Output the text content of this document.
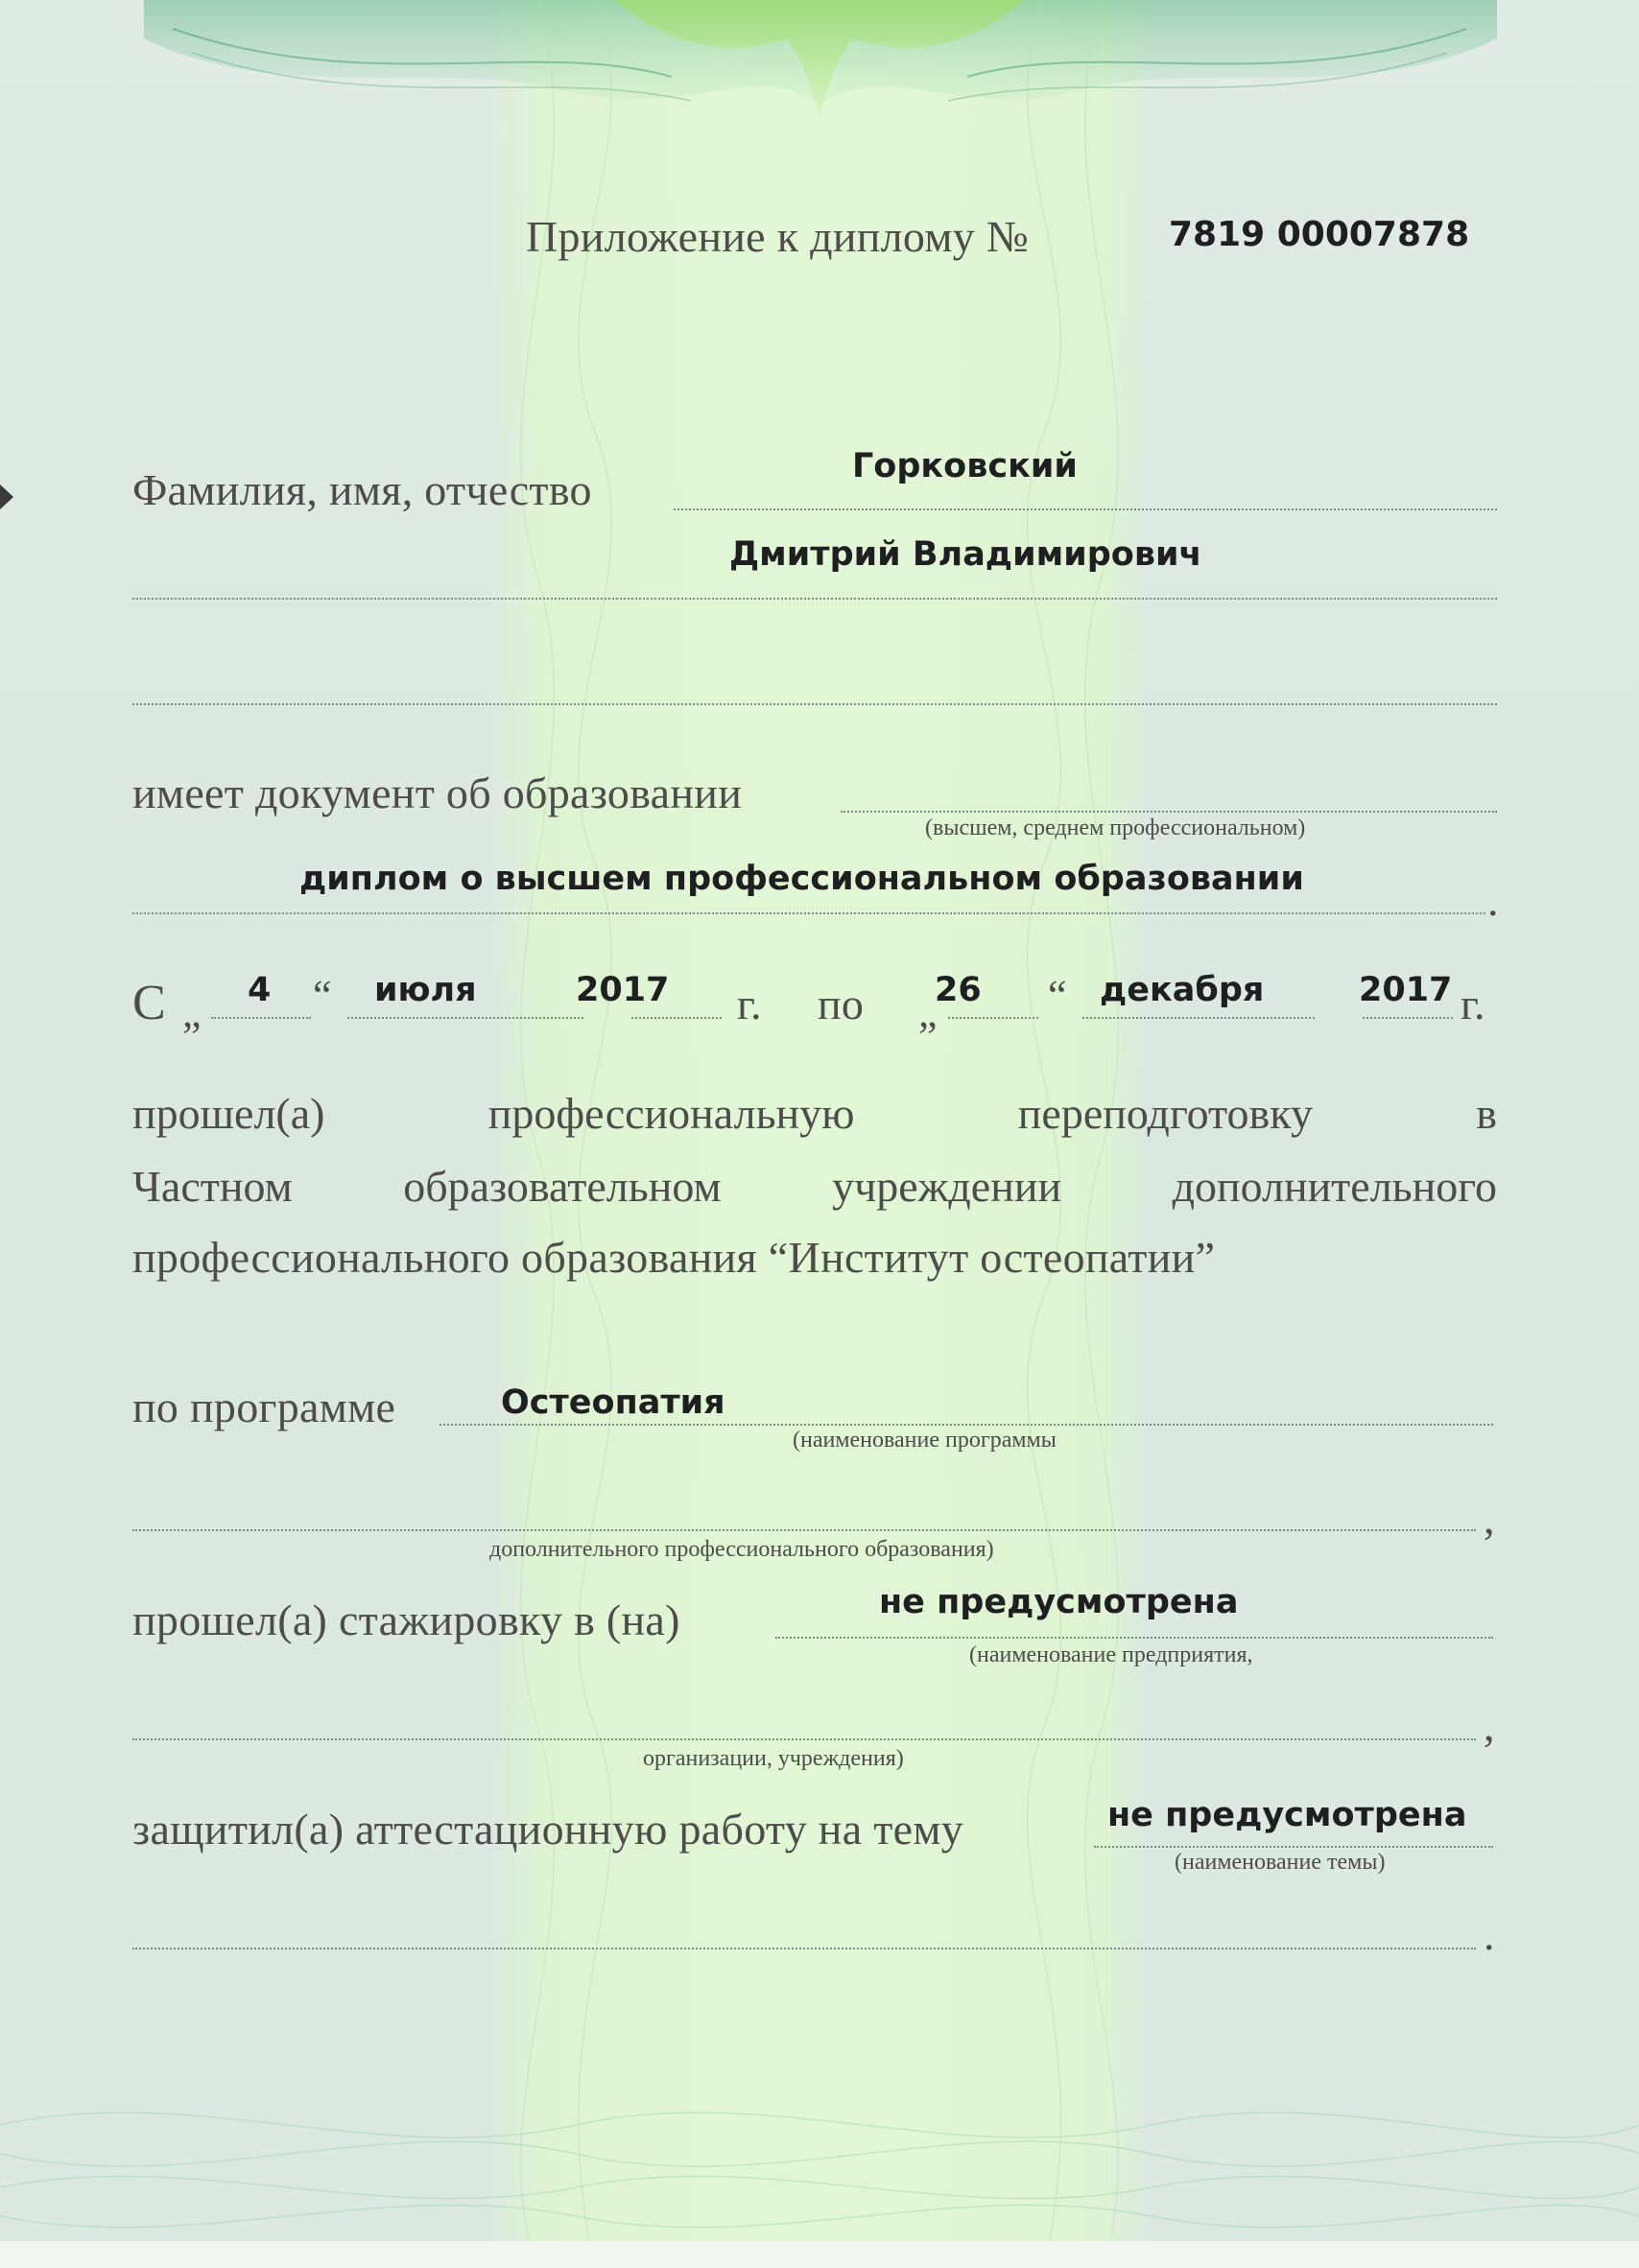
Приложение к диплому №	7819 00007878
Фамилия, имя, отчество	Горковский
Дмитрий Владимирович
имеет документ об образовании
(высшем, среднем профессиональном)
диплом о высшем профессиональном образовании	.
С „ 4 “ июля	2017 г. по „
26 “ декабря	2017 г.
прошел(а)	профессиональную	переподготовку	в
Частном	образовательном	учреждении	дополнительного
профессионального образования “Институт остеопатии”
по программе	Остеопатия
(наименование программы
,
дополнительного профессионального образования)
прошел(а) стажировку в (на)	не предусмотрена
(наименование предприятия,
,
организации, учреждения)
защитил(а) аттестационную работу на тему	не предусмотрена
(наименование темы)
.
